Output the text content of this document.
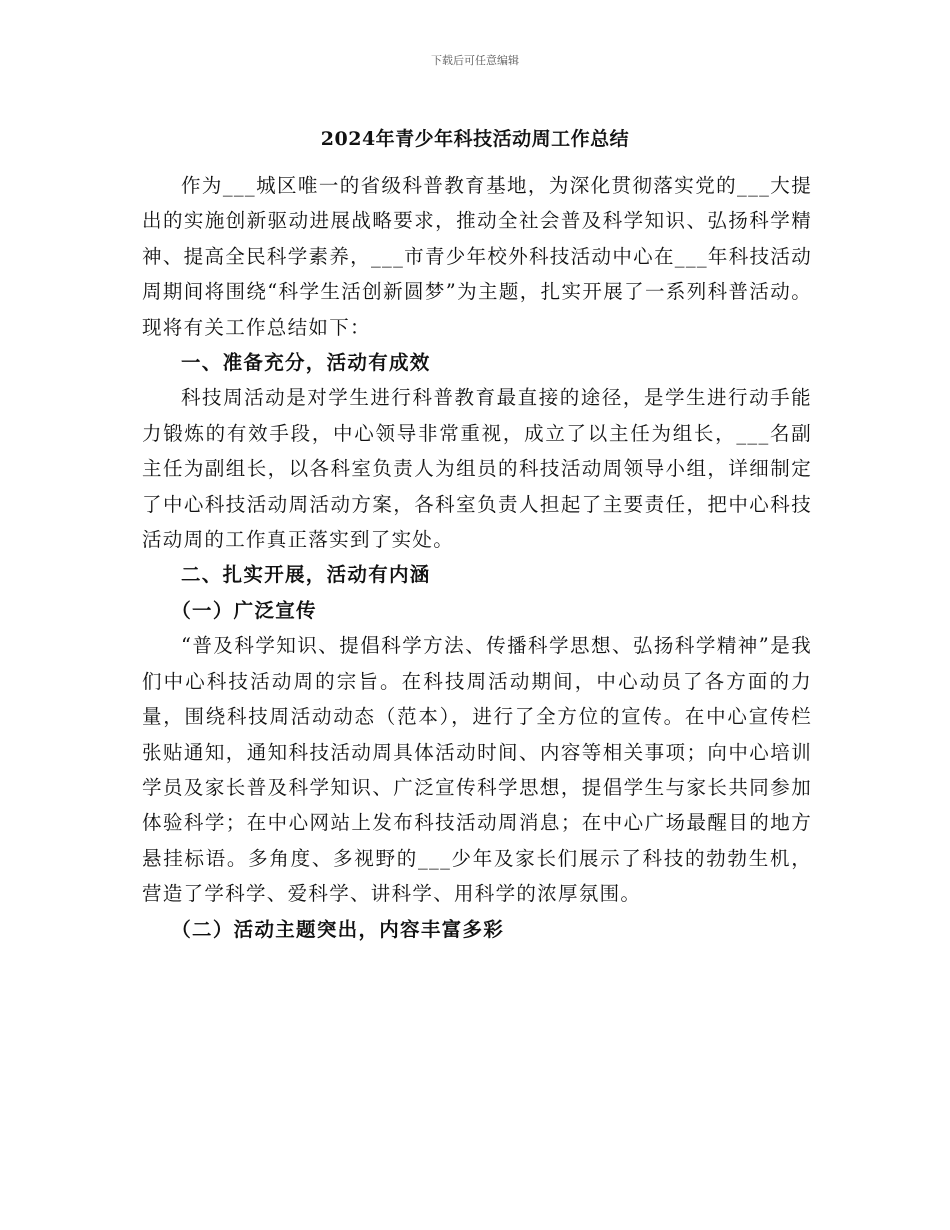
下载后可任意编辑
2024年青少年科技活动周工作总结

作为___城区唯一的省级科普教育基地，为深化贯彻落实党的___大提出的实施创新驱动进展战略要求，推动全社会普及科学知识、弘扬科学精神、提高全民科学素养，___市青少年校外科技活动中心在___年科技活动周期间将围绕“科学生活创新圆梦”为主题，扎实开展了一系列科普活动。现将有关工作总结如下：

一、准备充分，活动有成效

科技周活动是对学生进行科普教育最直接的途径，是学生进行动手能力锻炼的有效手段，中心领导非常重视，成立了以主任为组长，___名副主任为副组长，以各科室负责人为组员的科技活动周领导小组，详细制定了中心科技活动周活动方案，各科室负责人担起了主要责任，把中心科技活动周的工作真正落实到了实处。

二、扎实开展，活动有内涵

（一）广泛宣传

“普及科学知识、提倡科学方法、传播科学思想、弘扬科学精神”是我们中心科技活动周的宗旨。在科技周活动期间，中心动员了各方面的力量，围绕科技周活动动态（范本），进行了全方位的宣传。在中心宣传栏张贴通知，通知科技活动周具体活动时间、内容等相关事项；向中心培训学员及家长普及科学知识、广泛宣传科学思想，提倡学生与家长共同参加体验科学；在中心网站上发布科技活动周消息；在中心广场最醒目的地方悬挂标语。多角度、多视野的___少年及家长们展示了科技的勃勃生机，营造了学科学、爱科学、讲科学、用科学的浓厚氛围。

（二）活动主题突出，内容丰富多彩
